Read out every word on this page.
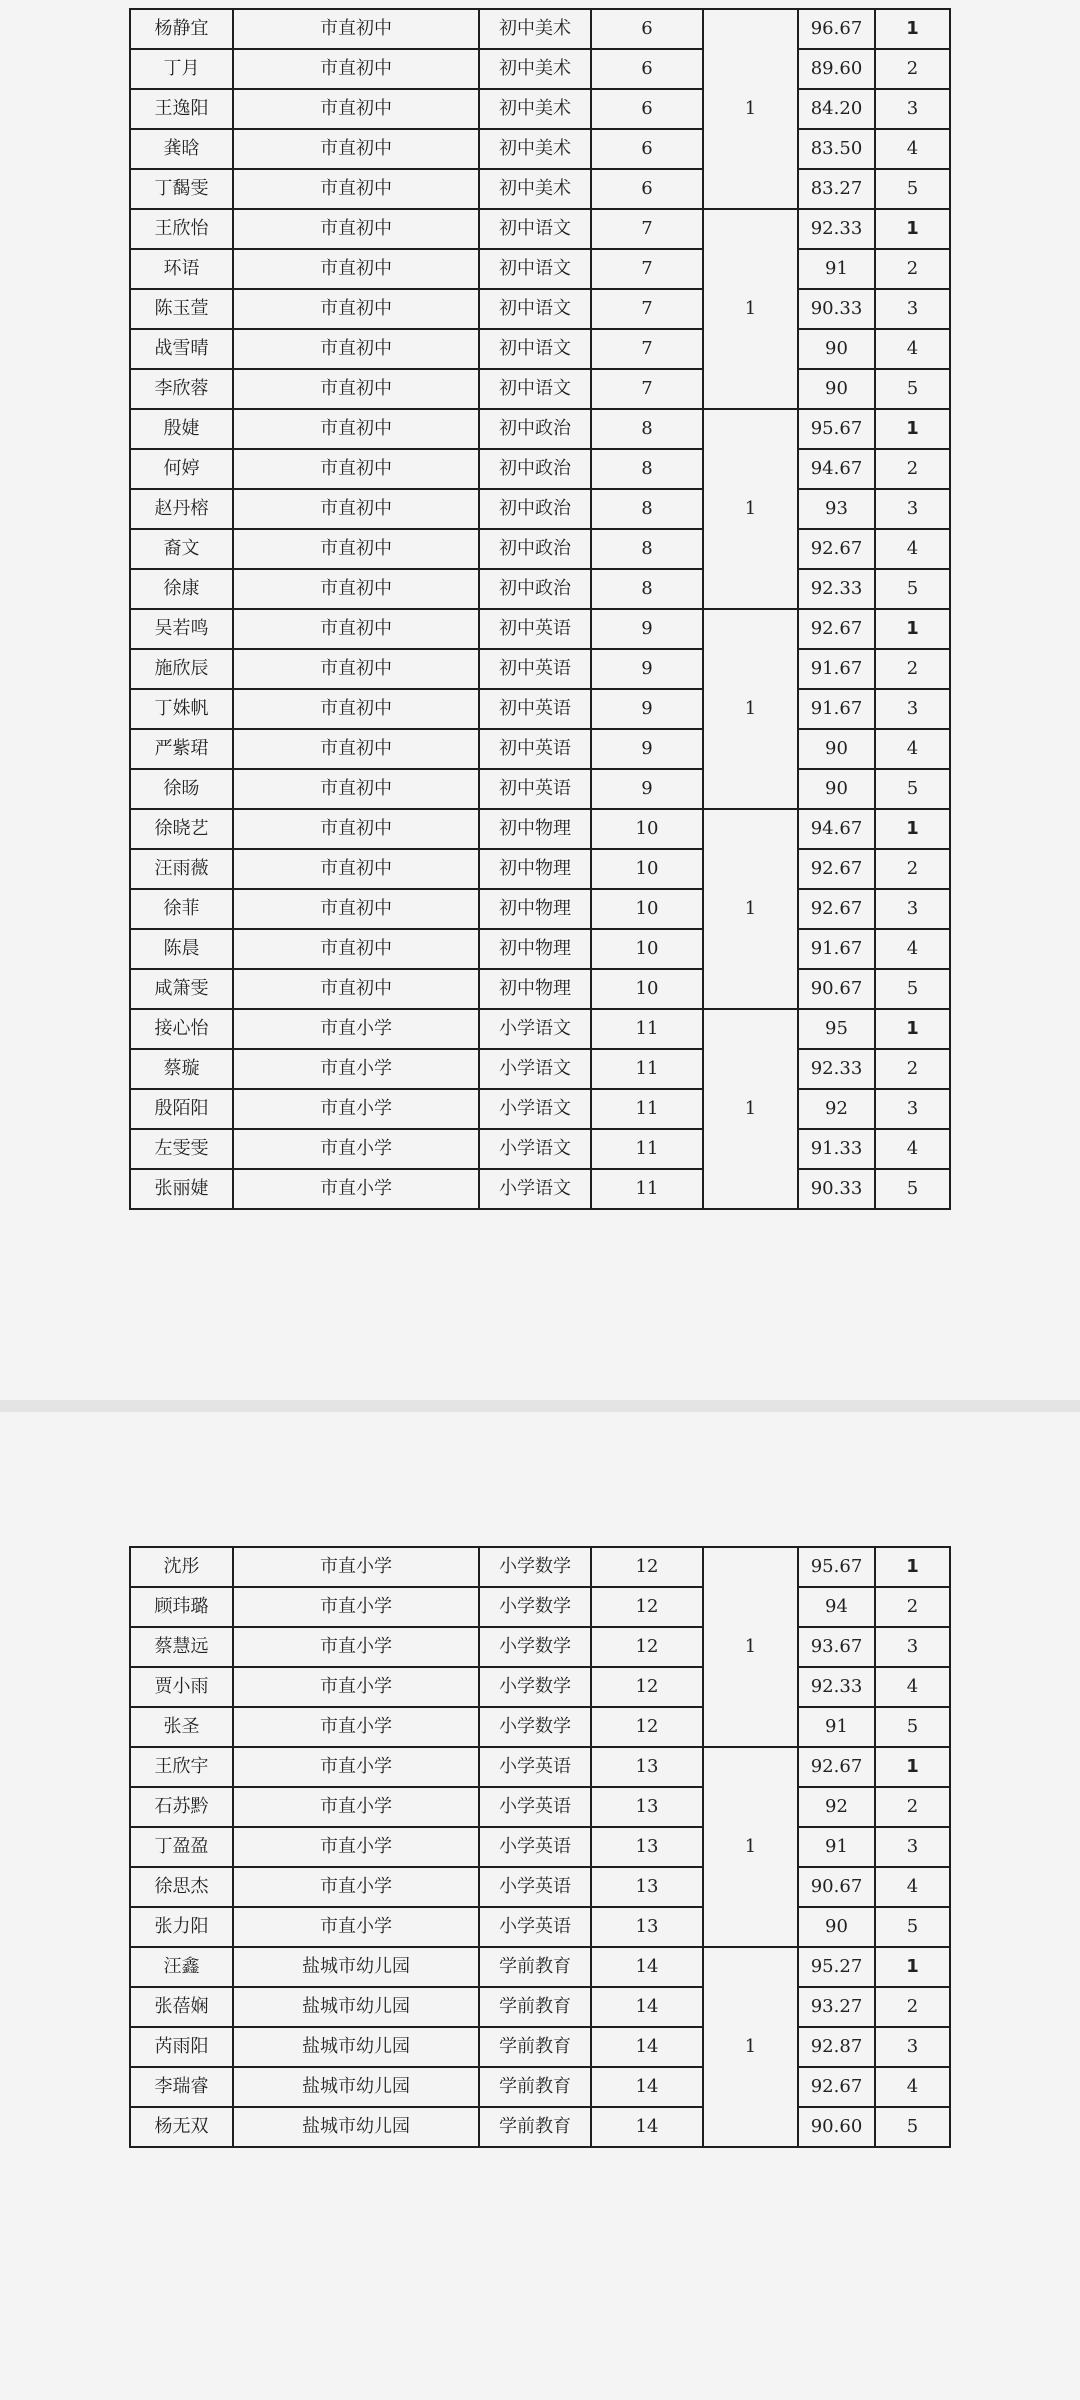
杨静宜	市直初中	初中美术	6	1	96.67	1
丁月	市直初中	初中美术	6		89.60	2
王逸阳	市直初中	初中美术	6		84.20	3
龚晗	市直初中	初中美术	6		83.50	4
丁馤雯	市直初中	初中美术	6		83.27	5
王欣怡	市直初中	初中语文	7	1	92.33	1
环语	市直初中	初中语文	7		91	2
陈玉萱	市直初中	初中语文	7		90.33	3
战雪晴	市直初中	初中语文	7		90	4
李欣蓉	市直初中	初中语文	7		90	5
殷婕	市直初中	初中政治	8	1	95.67	1
何婷	市直初中	初中政治	8		94.67	2
赵丹榕	市直初中	初中政治	8		93	3
裔文	市直初中	初中政治	8		92.67	4
徐康	市直初中	初中政治	8		92.33	5
吴若鸣	市直初中	初中英语	9	1	92.67	1
施欣辰	市直初中	初中英语	9		91.67	2
丁姝帆	市直初中	初中英语	9		91.67	3
严紫珺	市直初中	初中英语	9		90	4
徐旸	市直初中	初中英语	9		90	5
徐晓艺	市直初中	初中物理	10	1	94.67	1
汪雨薇	市直初中	初中物理	10		92.67	2
徐菲	市直初中	初中物理	10		92.67	3
陈晨	市直初中	初中物理	10		91.67	4
咸箫雯	市直初中	初中物理	10		90.67	5
接心怡	市直小学	小学语文	11	1	95	1
蔡璇	市直小学	小学语文	11		92.33	2
殷陌阳	市直小学	小学语文	11		92	3
左雯雯	市直小学	小学语文	11		91.33	4
张丽婕	市直小学	小学语文	11		90.33	5
沈彤	市直小学	小学数学	12	1	95.67	1
顾玮璐	市直小学	小学数学	12		94	2
蔡慧远	市直小学	小学数学	12		93.67	3
贾小雨	市直小学	小学数学	12		92.33	4
张圣	市直小学	小学数学	12		91	5
王欣宇	市直小学	小学英语	13	1	92.67	1
石苏黔	市直小学	小学英语	13		92	2
丁盈盈	市直小学	小学英语	13		91	3
徐思杰	市直小学	小学英语	13		90.67	4
张力阳	市直小学	小学英语	13		90	5
汪鑫	盐城市幼儿园	学前教育	14	1	95.27	1
张蓓娴	盐城市幼儿园	学前教育	14		93.27	2
芮雨阳	盐城市幼儿园	学前教育	14		92.87	3
李瑞睿	盐城市幼儿园	学前教育	14		92.67	4
杨无双	盐城市幼儿园	学前教育	14		90.60	5
